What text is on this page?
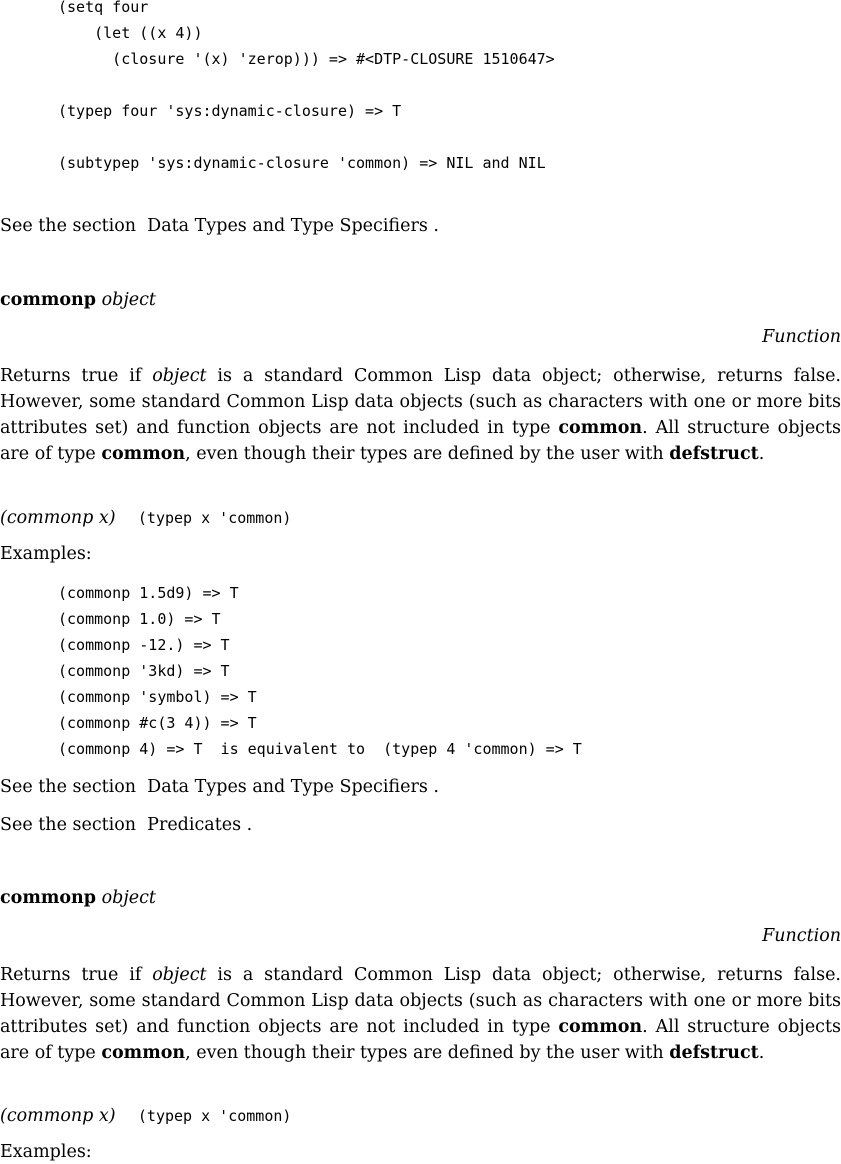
(setq four
(let ((x 4))
(closure '(x) 'zerop))) => #<DTP-CLOSURE 1510647>
(typep four 'sys:dynamic-closure) => T
(subtypep 'sys:dynamic-closure 'common) => NIL and NIL
See the section  Data Types and Type Specifiers .
commonp object
Function

Returns true if object is a standard Common Lisp data object; otherwise, returns false. However, some standard Common Lisp data objects (such as characters with one or more bits attributes set) and function objects are not included in type common. All structure objects are of type common, even though their types are defined by the user with defstruct.

(commonp x) (typep x 'common)
Examples:
(commonp 1.5d9) => T
(commonp 1.0) => T
(commonp -12.) => T
(commonp '3kd) => T
(commonp 'symbol) => T
(commonp #c(3 4)) => T
(commonp 4) => T  is equivalent to  (typep 4 'common) => T
See the section  Data Types and Type Specifiers .
See the section  Predicates .
commonp object
Function

Returns true if object is a standard Common Lisp data object; otherwise, returns false. However, some standard Common Lisp data objects (such as characters with one or more bits attributes set) and function objects are not included in type common. All structure objects are of type common, even though their types are defined by the user with defstruct.

(commonp x) (typep x 'common)
Examples:
